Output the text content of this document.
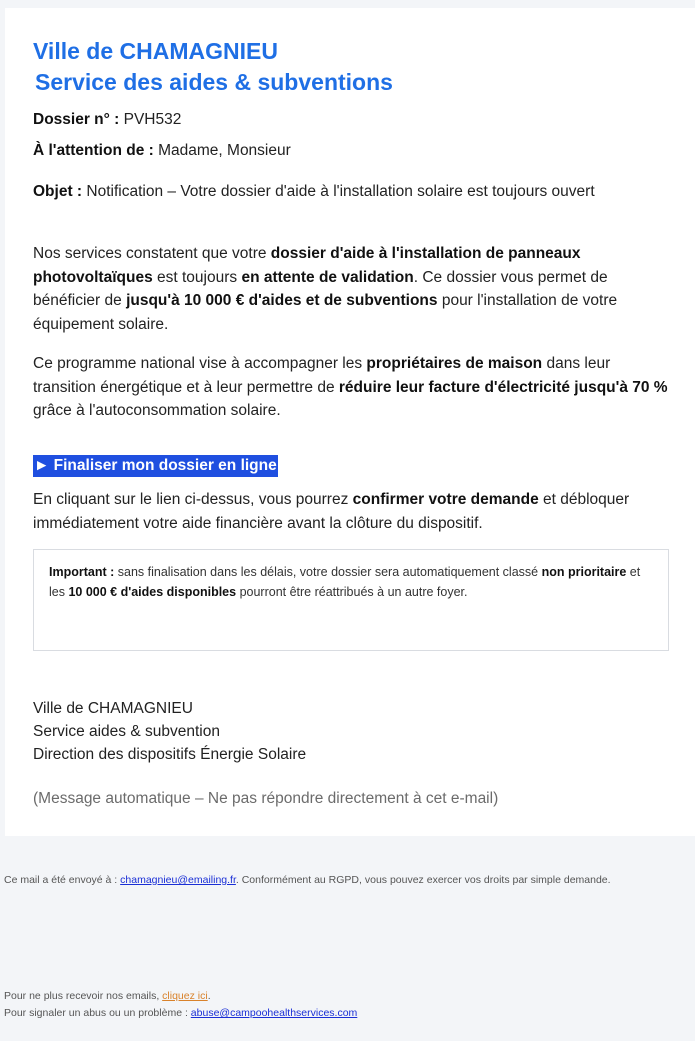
Ville de CHAMAGNIEU
Service des aides & subventions
Dossier n° : PVH532
À l'attention de : Madame, Monsieur

Objet : Notification – Votre dossier d'aide à l'installation solaire est toujours ouvert

Nos services constatent que votre dossier d'aide à l'installation de panneaux photovoltaïques est toujours en attente de validation. Ce dossier vous permet de bénéficier de jusqu'à 10 000 € d'aides et de subventions pour l'installation de votre équipement solaire.

Ce programme national vise à accompagner les propriétaires de maison dans leur transition énergétique et à leur permettre de réduire leur facture d'électricité jusqu'à 70 % grâce à l'autoconsommation solaire.

► Finaliser mon dossier en ligne

En cliquant sur le lien ci-dessus, vous pourrez confirmer votre demande et débloquer immédiatement votre aide financière avant la clôture du dispositif.

Important : sans finalisation dans les délais, votre dossier sera automatiquement classé non prioritaire et les 10 000 € d'aides disponibles pourront être réattribués à un autre foyer.

Ville de CHAMAGNIEU
Service aides & subvention
Direction des dispositifs Énergie Solaire
(Message automatique – Ne pas répondre directement à cet e-mail)

Ce mail a été envoyé à : chamagnieu@emailing.fr. Conformément au RGPD, vous pouvez exercer vos droits par simple demande.

Pour ne plus recevoir nos emails, cliquez ici.

Pour signaler un abus ou un problème : abuse@campoohealthservices.com
